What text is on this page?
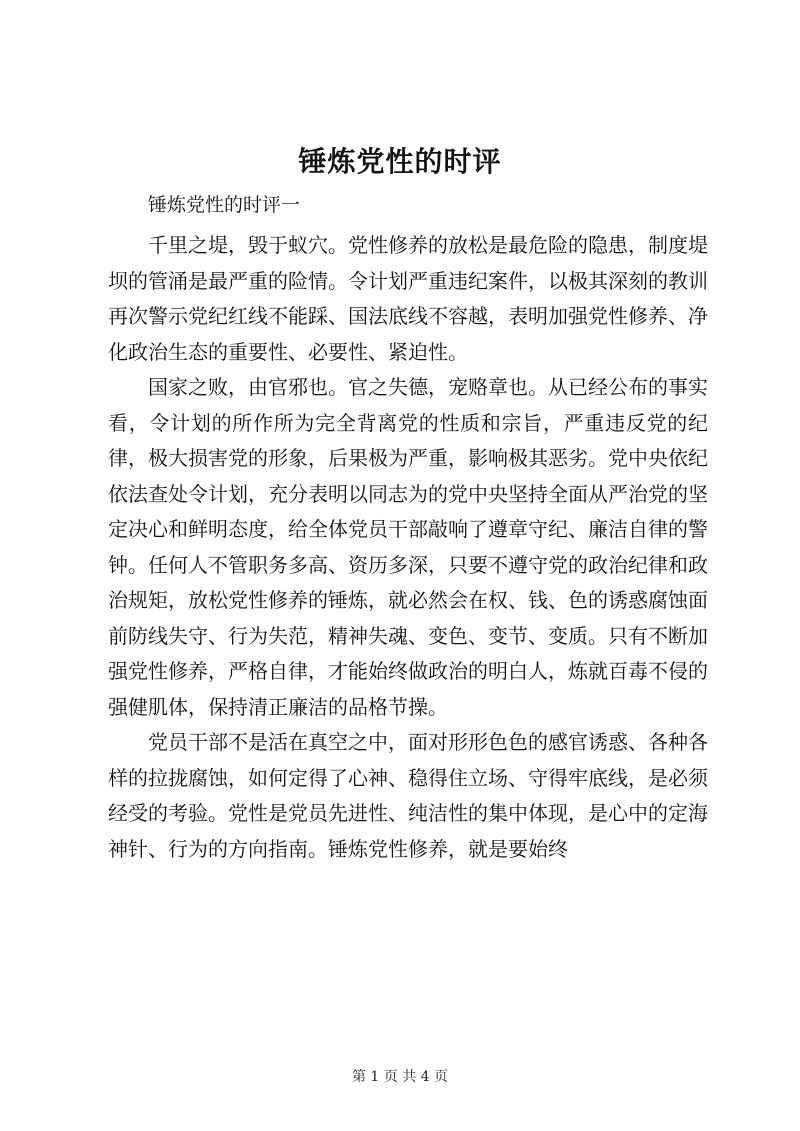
锤炼党性的时评
锤炼党性的时评一

千里之堤，毁于蚁穴。党性修养的放松是最危险的隐患，制度堤坝的管涌是最严重的险情。令计划严重违纪案件，以极其深刻的教训再次警示党纪红线不能踩、国法底线不容越，表明加强党性修养、净化政治生态的重要性、必要性、紧迫性。

国家之败，由官邪也。官之失德，宠赂章也。从已经公布的事实看，令计划的所作所为完全背离党的性质和宗旨，严重违反党的纪律，极大损害党的形象，后果极为严重，影响极其恶劣。党中央依纪依法查处令计划，充分表明以同志为的党中央坚持全面从严治党的坚定决心和鲜明态度，给全体党员干部敲响了遵章守纪、廉洁自律的警钟。任何人不管职务多高、资历多深，只要不遵守党的政治纪律和政治规矩，放松党性修养的锤炼，就必然会在权、钱、色的诱惑腐蚀面前防线失守、行为失范，精神失魂、变色、变节、变质。只有不断加强党性修养，严格自律，才能始终做政治的明白人，炼就百毒不侵的强健肌体，保持清正廉洁的品格节操。

党员干部不是活在真空之中，面对形形色色的感官诱惑、各种各样的拉拢腐蚀，如何定得了心神、稳得住立场、守得牢底线，是必须经受的考验。党性是党员先进性、纯洁性的集中体现，是心中的定海神针、行为的方向指南。锤炼党性修养，就是要始终

第 1 页 共 4 页
